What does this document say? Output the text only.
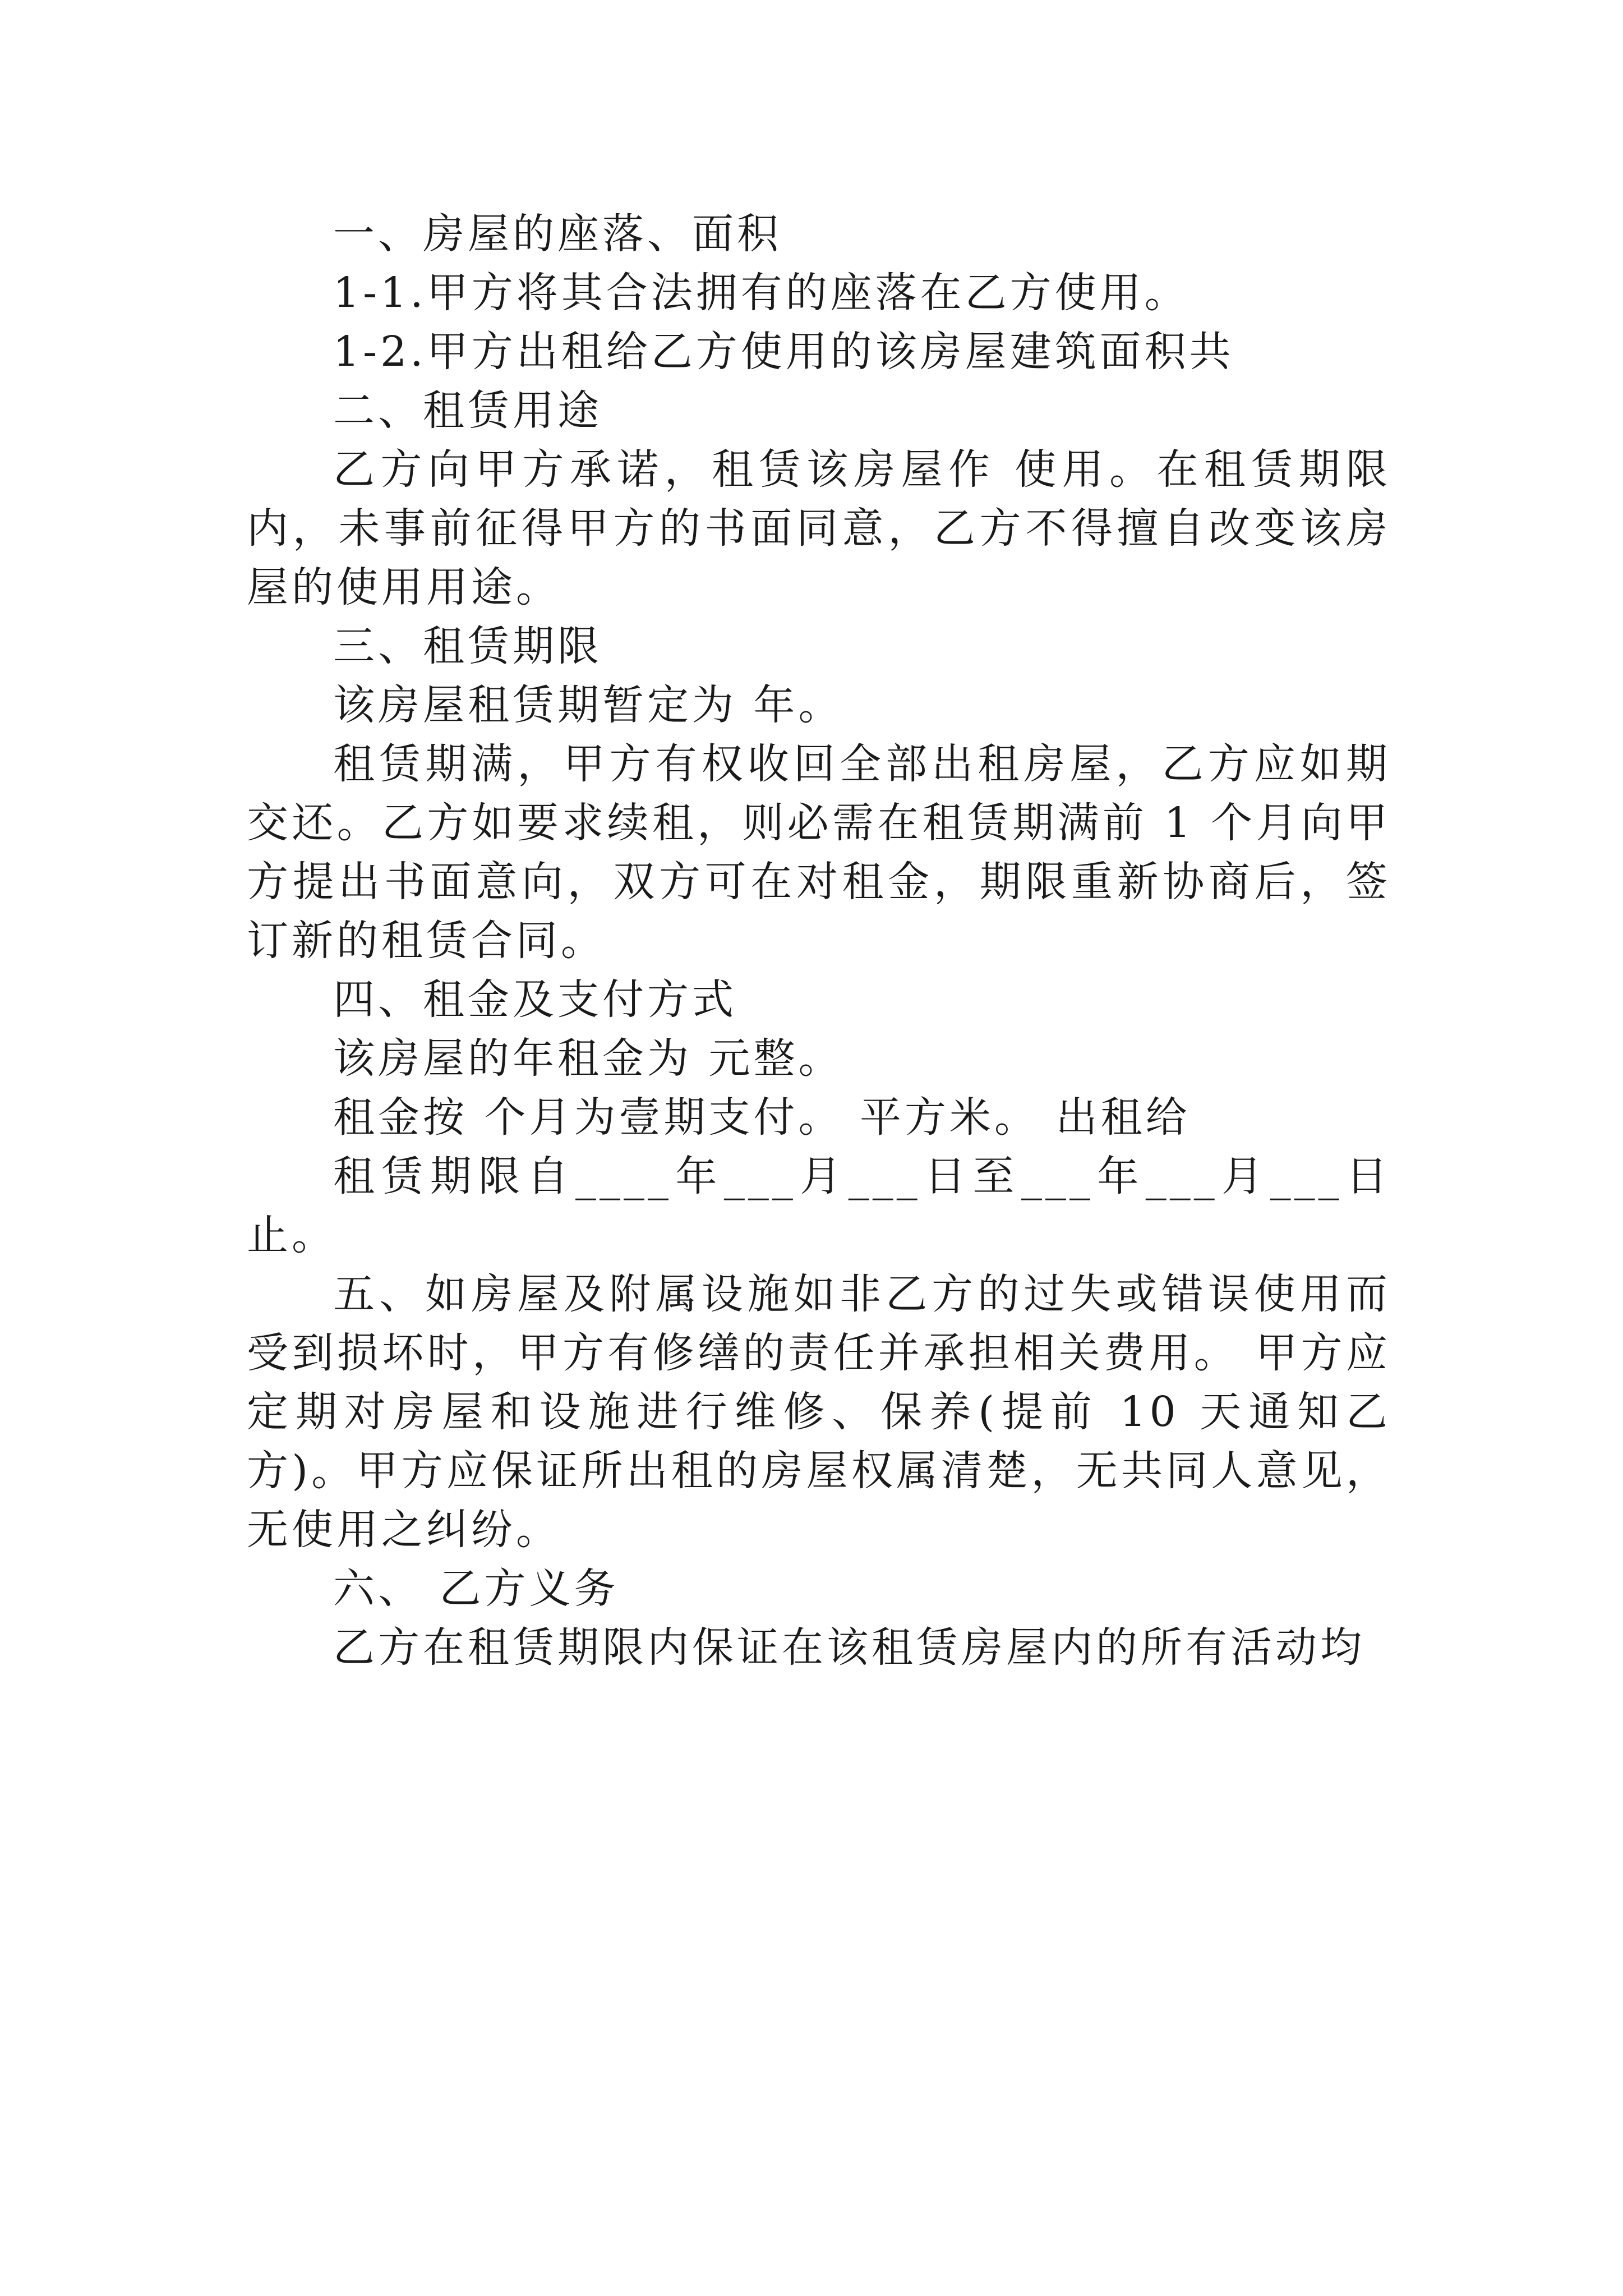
一、房屋的座落、面积

1-1.甲方将其合法拥有的座落在乙方使用。

1-2.甲方出租给乙方使用的该房屋建筑面积共

二、租赁用途

乙方向甲方承诺，租赁该房屋作 使用。在租赁期限内，未事前征得甲方的书面同意，乙方不得擅自改变该房屋的使用用途。

三、租赁期限

该房屋租赁期暂定为 年。

租赁期满，甲方有权收回全部出租房屋，乙方应如期交还。乙方如要求续租，则必需在租赁期满前 1 个月向甲方提出书面意向，双方可在对租金，期限重新协商后，签订新的租赁合同。

四、租金及支付方式

该房屋的年租金为 元整。

租金按 个月为壹期支付。 平方米。 出租给

租赁期限自____年___月___日至___年___月___日止。

五、如房屋及附属设施如非乙方的过失或错误使用而受到损坏时，甲方有修缮的责任并承担相关费用。 甲方应定期对房屋和设施进行维修、保养(提前 10 天通知乙方)。甲方应保证所出租的房屋权属清楚，无共同人意见，无使用之纠纷。

六、 乙方义务

乙方在租赁期限内保证在该租赁房屋内的所有活动均
